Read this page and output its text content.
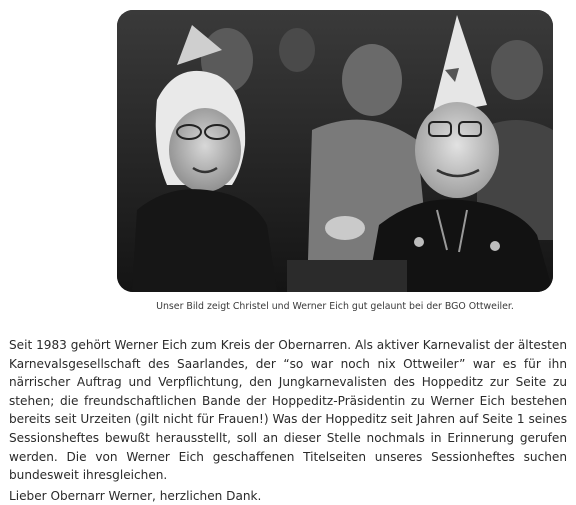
Unser Bild zeigt Christel und Werner Eich gut gelaunt bei der BGO Ottweiler.

Seit 1983 gehört Werner Eich zum Kreis der Obernarren. Als aktiver Karnevalist der ältesten Karnevalsgesellschaft des Saarlandes, der “so war noch nix Ottweiler” war es für ihn närrischer Auftrag und Verpflichtung, den Jungkarnevalisten des Hoppeditz zur Seite zu stehen; die freundschaftlichen Bande der Hoppeditz-Präsidentin zu Werner Eich bestehen bereits seit Urzeiten (gilt nicht für Frauen!) Was der Hoppeditz seit Jahren auf Seite 1 seines Sessionsheftes bewußt herausstellt, soll an dieser Stelle nochmals in Erinnerung gerufen werden. Die von Werner Eich geschaffenen Titelseiten unseres Sessionheftes suchen bundesweit ihresgleichen.

Lieber Obernarr Werner, herzlichen Dank.
